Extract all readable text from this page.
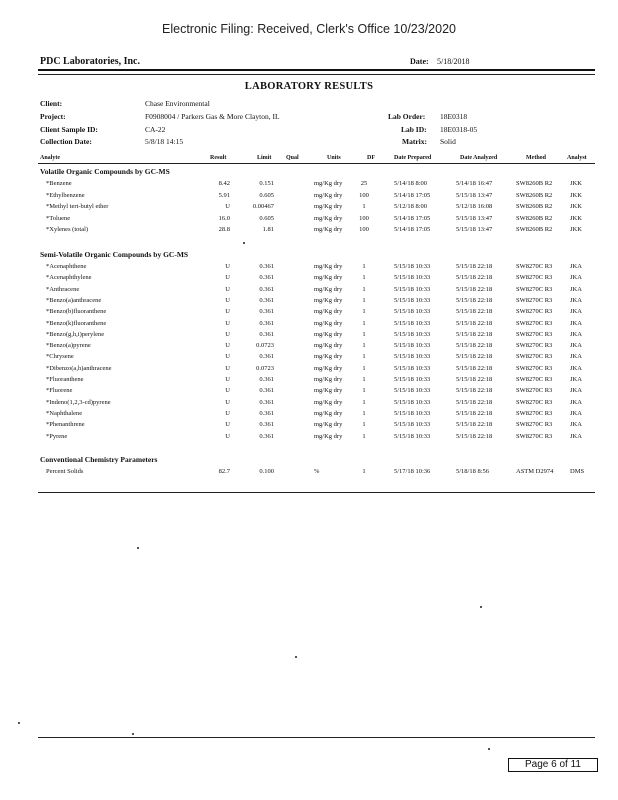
Electronic Filing: Received, Clerk's Office 10/23/2020
PDC Laboratories, Inc.	Date: 5/18/2018
LABORATORY RESULTS
Client:	Chase Environmental
Project:	F0908004 / Parkers Gas & More Clayton, IL
Client Sample ID:	CA-22
Collection Date:	5/8/18 14:15
Lab Order: 18E0318
Lab ID: 18E0318-05
Matrix: Solid
Analyte	Result	Limit Qual	Units	DF	Date Prepared	Date Analyzed	Method	Analyst
Volatile Organic Compounds by GC-MS
*Benzene	8.42	0.151	mg/Kg dry	25	5/14/18 8:00	5/14/18 16:47	SW8260B R2	JKK
*Ethylbenzene	5.91	0.605	mg/Kg dry	100	5/14/18 17:05	5/15/18 13:47	SW8260B R2	JKK
*Methyl tert-butyl ether	U	0.00467	mg/Kg dry	1	5/12/18 8:00	5/12/18 16:08	SW8260B R2	JKK
*Toluene	16.0	0.605	mg/Kg dry	100	5/14/18 17:05	5/15/18 13:47	SW8260B R2	JKK
*Xylenes (total)	28.8	1.81	mg/Kg dry	100	5/14/18 17:05	5/15/18 13:47	SW8260B R2	JKK
Semi-Volatile Organic Compounds by GC-MS
*Acenaphthene	U	0.361	mg/Kg dry	1	5/15/18 10:33	5/15/18 22:18	SW8270C R3	JKA
*Acenaphthylene	U	0.361	mg/Kg dry	1	5/15/18 10:33	5/15/18 22:18	SW8270C R3	JKA
*Anthracene	U	0.361	mg/Kg dry	1	5/15/18 10:33	5/15/18 22:18	SW8270C R3	JKA
*Benzo(a)anthracene	U	0.361	mg/Kg dry	1	5/15/18 10:33	5/15/18 22:18	SW8270C R3	JKA
*Benzo(b)fluoranthene	U	0.361	mg/Kg dry	1	5/15/18 10:33	5/15/18 22:18	SW8270C R3	JKA
*Benzo(k)fluoranthene	U	0.361	mg/Kg dry	1	5/15/18 10:33	5/15/18 22:18	SW8270C R3	JKA
*Benzo(g,h,i)perylene	U	0.361	mg/Kg dry	1	5/15/18 10:33	5/15/18 22:18	SW8270C R3	JKA
*Benzo(a)pyrene	U	0.0723	mg/Kg dry	1	5/15/18 10:33	5/15/18 22:18	SW8270C R3	JKA
*Chrysene	U	0.361	mg/Kg dry	1	5/15/18 10:33	5/15/18 22:18	SW8270C R3	JKA
*Dibenzo(a,h)anthracene	U	0.0723	mg/Kg dry	1	5/15/18 10:33	5/15/18 22:18	SW8270C R3	JKA
*Fluoranthene	U	0.361	mg/Kg dry	1	5/15/18 10:33	5/15/18 22:18	SW8270C R3	JKA
*Fluorene	U	0.361	mg/Kg dry	1	5/15/18 10:33	5/15/18 22:18	SW8270C R3	JKA
*Indeno(1,2,3-cd)pyrene	U	0.361	mg/Kg dry	1	5/15/18 10:33	5/15/18 22:18	SW8270C R3	JKA
*Naphthalene	U	0.361	mg/Kg dry	1	5/15/18 10:33	5/15/18 22:18	SW8270C R3	JKA
*Phenanthrene	U	0.361	mg/Kg dry	1	5/15/18 10:33	5/15/18 22:18	SW8270C R3	JKA
*Pyrene	U	0.361	mg/Kg dry	1	5/15/18 10:33	5/15/18 22:18	SW8270C R3	JKA
Conventional Chemistry Parameters
Percent Solids	82.7	0.100	%	1	5/17/18 10:36	5/18/18 8:56	ASTM D2974	DMS
Page 6 of 11
